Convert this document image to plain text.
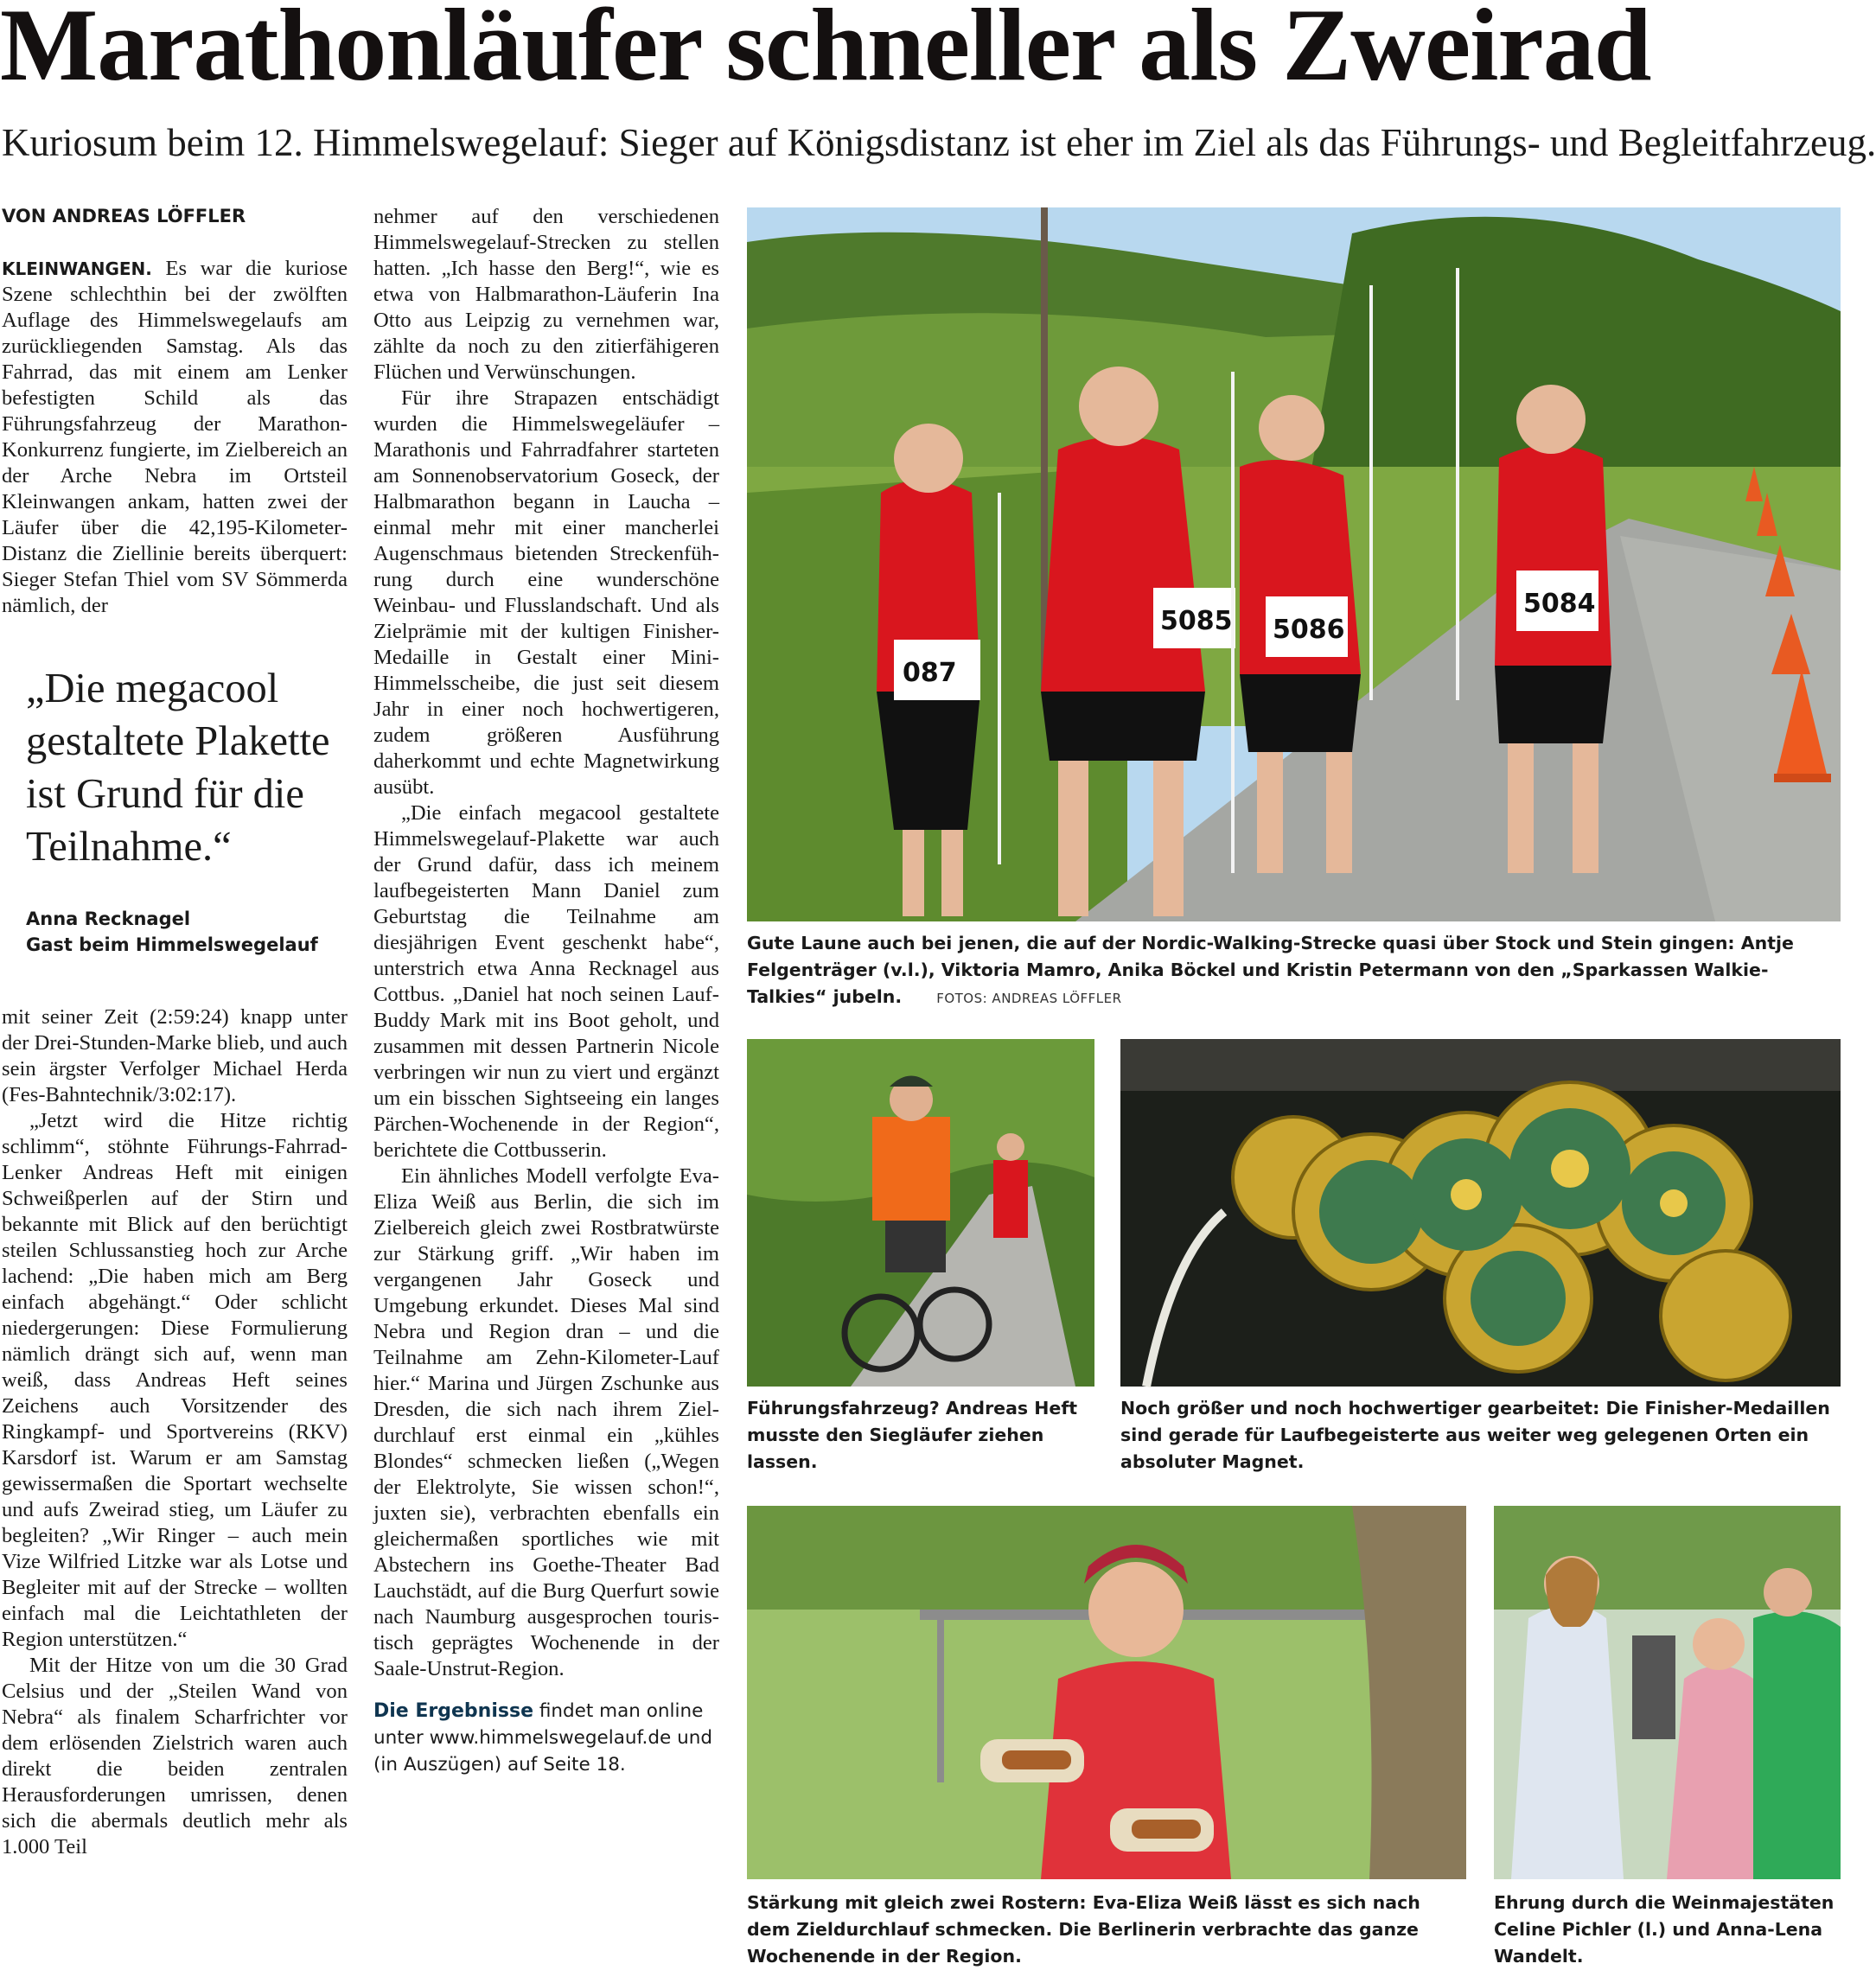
Marathonläufer schneller als Zweirad
Kuriosum beim 12. Himmelswegelauf: Sieger auf Königsdistanz ist eher im Ziel als das Führungs- und Begleitfahrzeug.
VON ANDREAS LÖFFLER

KLEINWANGEN. Es war die kuriose Szene schlechthin bei der zwölften Auflage des Himmelswegelaufs am zurückliegenden Samstag. Als das Fahrrad, das mit einem am Lenker befestigten Schild als das Führungsfahrzeug der Marathon-Konkurrenz fungierte, im Zielbereich an der Arche Nebra im Ortsteil Kleinwangen ankam, hatten zwei der Läufer über die 42,195-Kilometer-Distanz die Ziellinie bereits überquert: Sieger Stefan Thiel vom SV Sömmerda nämlich, der

„Die megacool gestaltete Plakette ist Grund für die Teilnahme.“
Anna Recknagel
Gast beim Himmelswegelauf

mit seiner Zeit (2:59:24) knapp unter der Drei-Stunden-Marke blieb, und auch sein ärgster Verfolger Michael Herda (Fes-Bahntechnik/3:02:17).

„Jetzt wird die Hitze richtig schlimm“, stöhnte Führungs-Fahrrad-Lenker Andreas Heft mit einigen Schweißperlen auf der Stirn und bekannte mit Blick auf den berüchtigt steilen Schlussanstieg hoch zur Arche lachend: „Die haben mich am Berg einfach abgehängt.“ Oder schlicht niedergerungen: Diese Formulierung nämlich drängt sich auf, wenn man weiß, dass Andreas Heft seines Zeichens auch Vorsitzender des Ringkampf- und Sportvereins (RKV) Karsdorf ist. Warum er am Samstag gewissermaßen die Sportart wechselte und aufs Zweirad stieg, um Läufer zu begleiten? „Wir Ringer – auch mein Vize Wilfried Litzke war als Lotse und Begleiter mit auf der Strecke – wollten einfach mal die Leichtathleten der Region unterstützen.“

Mit der Hitze von um die 30 Grad Celsius und der „Steilen Wand von Nebra“ als finalem Scharfrichter vor dem erlösenden Zielstrich waren auch direkt die beiden zentralen Herausforderungen umrissen, denen sich die abermals deutlich mehr als 1.000 Teil

nehmer auf den verschiedenen Himmelswegelauf-Strecken zu stellen hatten. „Ich hasse den Berg!“, wie es etwa von Halbmarathon-Läuferin Ina Otto aus Leipzig zu vernehmen war, zählte da noch zu den zitierfähigeren Flüchen und Verwünschungen.

Für ihre Strapazen entschädigt wurden die Himmelswegeläufer – Marathonis und Fahrradfahrer starteten am Sonnenobservatorium Goseck, der Halbmarathon begann in Laucha – einmal mehr mit einer mancherlei Augenschmaus bietenden Streckenführung durch eine wunderschöne Weinbau- und Flusslandschaft. Und als Zielprämie mit der kultigen Finisher-Medaille in Gestalt einer Mini-Himmelsscheibe, die just seit diesem Jahr in einer noch hochwertigeren, zudem größeren Ausführung daherkommt und echte Magnetwirkung ausübt.

„Die einfach megacool gestaltete Himmelswegelauf-Plakette war auch der Grund dafür, dass ich meinem laufbegeisterten Mann Daniel zum Geburtstag die Teilnahme am diesjährigen Event geschenkt habe“, unterstrich etwa Anna Recknagel aus Cottbus. „Daniel hat noch seinen Lauf-Buddy Mark mit ins Boot geholt, und zusammen mit dessen Partnerin Nicole verbringen wir nun zu viert und ergänzt um ein bisschen Sightseeing ein langes Pärchen-Wochenende in der Region“, berichtete die Cottbusserin.

Ein ähnliches Modell verfolgte Eva-Eliza Weiß aus Berlin, die sich im Zielbereich gleich zwei Rostbratwürste zur Stärkung griff. „Wir haben im vergangenen Jahr Goseck und Umgebung erkundet. Dieses Mal sind Nebra und Region dran – und die Teilnahme am Zehn-Kilometer-Lauf hier.“ Marina und Jürgen Zschunke aus Dresden, die sich nach ihrem Zieldurchlauf erst einmal ein „kühles Blondes“ schmecken ließen („Wegen der Elektrolyte, Sie wissen schon!“, juxten sie), verbrachten ebenfalls ein gleichermaßen sportliches wie mit Abstechern ins Goethe-Theater Bad Lauchstädt, auf die Burg Querfurt sowie nach Naumburg ausgesprochen touristisch geprägtes Wochenende in der Saale-Unstrut-Region.

Die Ergebnisse findet man online
unter www.himmelswegelauf.de und
(in Auszügen) auf Seite 18.

087
5085 5086
5084
Gute Laune auch bei jenen, die auf der Nordic-Walking-Strecke quasi über Stock und Stein gingen: Antje Felgenträger (v.l.), Viktoria Mamro, Anika Böckel und Kristin Petermann von den „Sparkassen Walkie-Talkies“ jubeln.	FOTOS: ANDREAS LÖFFLER
Führungsfahrzeug? Andreas Heft musste den Siegläufer ziehen lassen.
Noch größer und noch hochwertiger gearbeitet: Die Finisher-Medaillen sind gerade für Laufbegeisterte aus weiter weg gelegenen Orten ein absoluter Magnet.
Stärkung mit gleich zwei Rostern: Eva-Eliza Weiß lässt es sich nach dem Zieldurchlauf schmecken. Die Berlinerin verbrachte das ganze Wochenende in der Region.
Ehrung durch die Weinmajestäten Celine Pichler (l.) und Anna-Lena Wandelt.
